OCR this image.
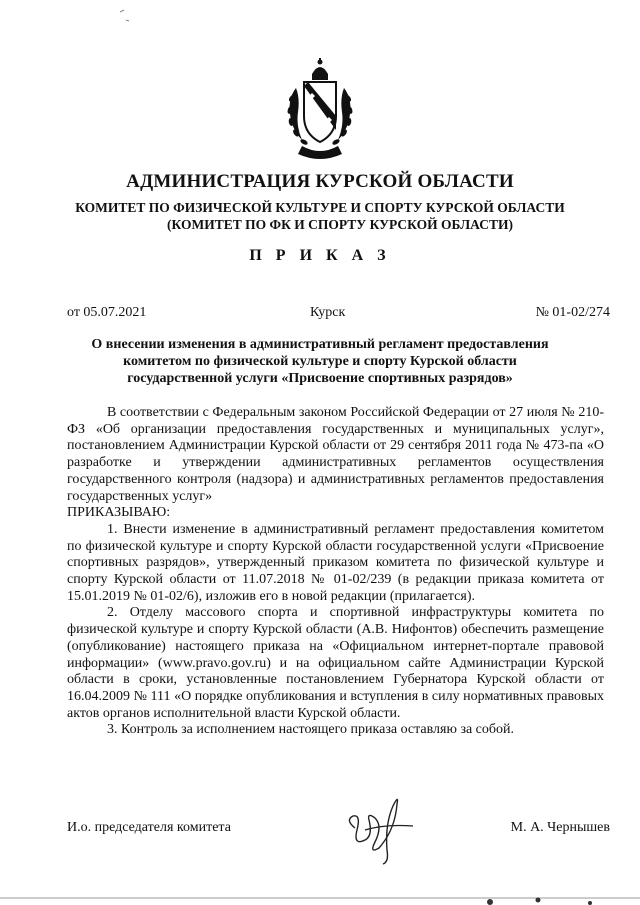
АДМИНИСТРАЦИЯ КУРСКОЙ ОБЛАСТИ
КОМИТЕТ ПО ФИЗИЧЕСКОЙ КУЛЬТУРЕ И СПОРТУ КУРСКОЙ ОБЛАСТИ
(КОМИТЕТ ПО ФК И СПОРТУ КУРСКОЙ ОБЛАСТИ)
П Р И К А З
от 05.07.2021	Курск	№ 01-02/274
О внесении изменения в административный регламент предоставления
комитетом по физической культуре и спорту Курской области
государственной услуги «Присвоение спортивных разрядов»

В соответствии с Федеральным законом Российской Федерации от 27 июля № 210-ФЗ «Об организации предоставления государственных и муниципальных услуг», постановлением Администрации Курской области от 29 сентября 2011 года № 473-па «О разработке и утверждении административных регламентов осуществления государственного контроля (надзора) и административных регламентов предоставления государственных услуг»

ПРИКАЗЫВАЮ:

1. Внести изменение в административный регламент предоставления комитетом по физической культуре и спорту Курской области государственной услуги «Присвоение спортивных разрядов», утвержденный приказом комитета по физической культуре и спорту Курской области от 11.07.2018 № 01-02/239 (в редакции приказа комитета от 15.01.2019 № 01-02/6), изложив его в новой редакции (прилагается).

2. Отделу массового спорта и спортивной инфраструктуры комитета по физической культуре и спорту Курской области (А.В. Нифонтов) обеспечить размещение (опубликование) настоящего приказа на «Официальном интернет-портале правовой информации» (www.pravo.gov.ru) и на официальном сайте Администрации Курской области в сроки, установленные постановлением Губернатора Курской области от 16.04.2009 № 111 «О порядке опубликования и вступления в силу нормативных правовых актов органов исполнительной власти Курской области.

3. Контроль за исполнением настоящего приказа оставляю за собой.

И.о. председателя комитета	М. А. Чернышев
